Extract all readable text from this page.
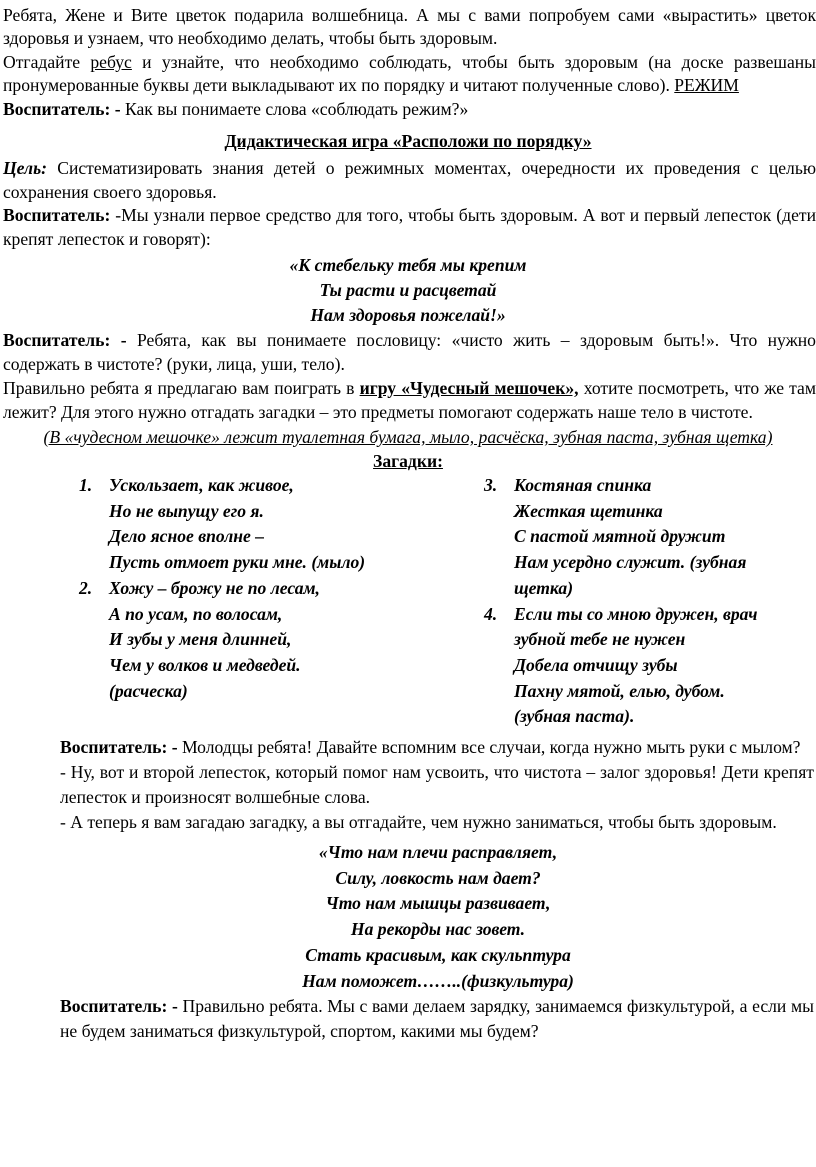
Ребята, Жене и Вите цветок подарила волшебница. А мы с вами попробуем сами «вырастить» цветок здоровья и узнаем, что необходимо делать, чтобы быть здоровым.

Отгадайте ребус и узнайте, что необходимо соблюдать, чтобы быть здоровым (на доске развешаны пронумерованные буквы дети выкладывают их по порядку и читают полученные слово). РЕЖИМ

Воспитатель: - Как вы понимаете слова «соблюдать режим?»

Дидактическая игра «Расположи по порядку»

Цель: Систематизировать знания детей о режимных моментах, очередности их проведения с целью сохранения своего здоровья.

Воспитатель: -Мы узнали первое средство для того, чтобы быть здоровым. А вот и первый лепесток (дети крепят лепесток и говорят):

«К стебельку тебя мы крепим

Ты расти и расцветай

Нам здоровья пожелай!»

Воспитатель: - Ребята, как вы понимаете пословицу: «чисто жить – здоровым быть!». Что нужно содержать в чистоте? (руки, лица, уши, тело).

Правильно ребята я предлагаю вам поиграть в игру «Чудесный мешочек», хотите посмотреть, что же там лежит? Для этого нужно отгадать загадки – это предметы помогают содержать наше тело в чистоте.

(В «чудесном мешочке» лежит туалетная бумага, мыло, расчёска, зубная паста, зубная щетка)

Загадки:

1. Ускользает, как живое,
Но не выпущу его я.
Дело ясное вполне –
Пусть отмоет руки мне. (мыло)
2. Хожу – брожу не по лесам,
А по усам, по волосам,
И зубы у меня длинней,
Чем у волков и медведей.
(расческа)
3. Костяная спинка
Жесткая щетинка
С пастой мятной дружит
Нам усердно служит. (зубная
щетка)
4. Если ты со мною дружен, врач
зубной тебе не нужен
Добела отчищу зубы
Пахну мятой, елью, дубом.
(зубная паста).

Воспитатель: - Молодцы ребята! Давайте вспомним все случаи, когда нужно мыть руки с мылом?

- Ну, вот и второй лепесток, который помог нам усвоить, что чистота – залог здоровья! Дети крепят лепесток и произносят волшебные слова.

- А теперь я вам загадаю загадку, а вы отгадайте, чем нужно заниматься, чтобы быть здоровым.

«Что нам плечи расправляет,

Силу, ловкость нам дает?

Что нам мышцы развивает,

На рекорды нас зовет.

Стать красивым, как скульптура

Нам поможет……..(физкультура)

Воспитатель: - Правильно ребята. Мы с вами делаем зарядку, занимаемся физкультурой, а если мы не будем заниматься физкультурой, спортом, какими мы будем?
